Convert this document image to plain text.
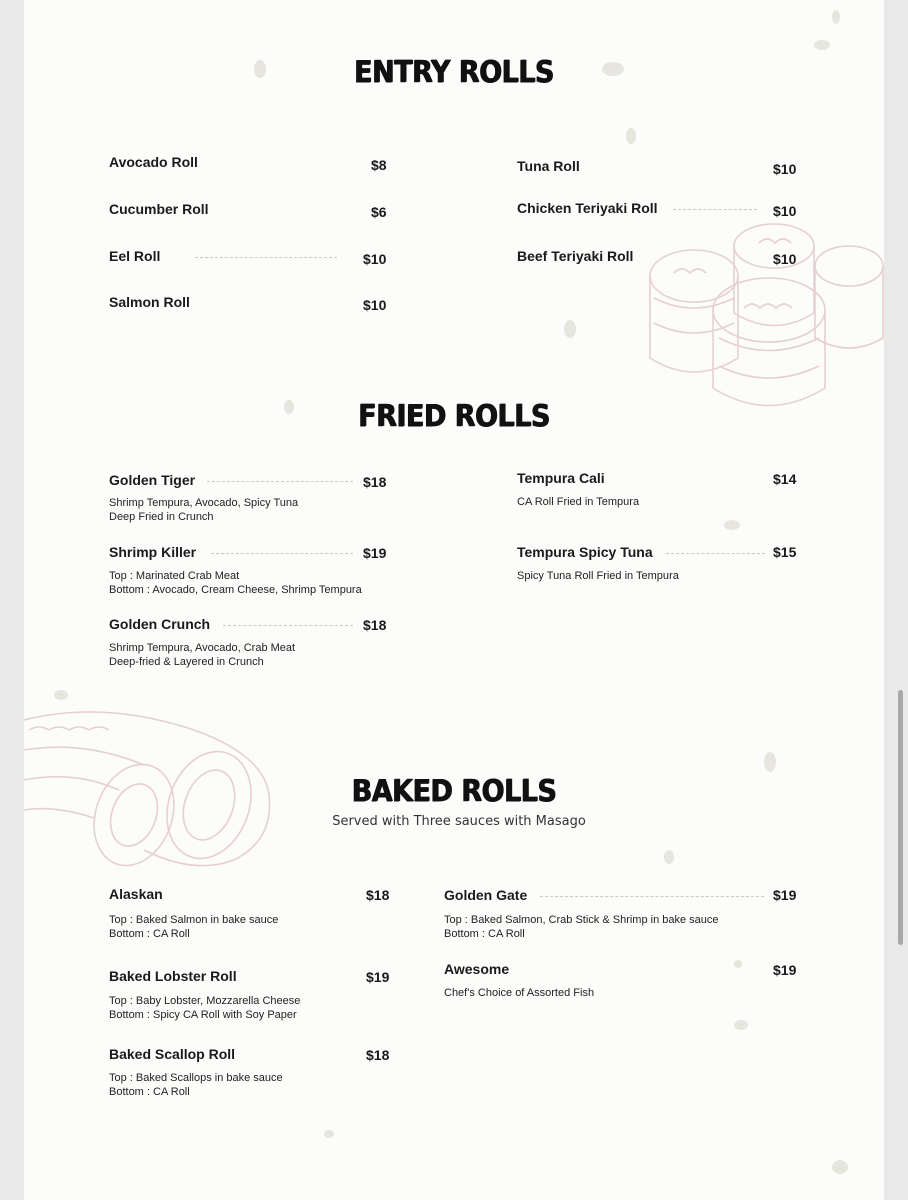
ENTRY ROLLS
Avocado Roll	$8
Cucumber Roll	$6
Eel Roll	$10
Salmon Roll	$10
Tuna Roll	$10
Chicken Teriyaki Roll	$10
Beef Teriyaki Roll	$10
FRIED ROLLS
Golden Tiger	$18
Shrimp Tempura, Avocado, Spicy Tuna
Deep Fried in Crunch
Shrimp Killer	$19
Top : Marinated Crab Meat
Bottom : Avocado, Cream Cheese, Shrimp Tempura
Golden Crunch	$18
Shrimp Tempura, Avocado, Crab Meat
Deep-fried & Layered in Crunch
Tempura Cali	$14
CA Roll Fried in Tempura
Tempura Spicy Tuna	$15
Spicy Tuna Roll Fried in Tempura
BAKED ROLLS
Served with Three sauces with Masago
Alaskan	$18
Top : Baked Salmon in bake sauce
Bottom : CA Roll
Baked Lobster Roll	$19
Top : Baby Lobster, Mozzarella Cheese
Bottom : Spicy CA Roll with Soy Paper
Baked Scallop Roll	$18
Top : Baked Scallops in bake sauce
Bottom : CA Roll
Golden Gate	$19
Top : Baked Salmon, Crab Stick & Shrimp in bake sauce
Bottom : CA Roll
Awesome	$19
Chef's Choice of Assorted Fish
